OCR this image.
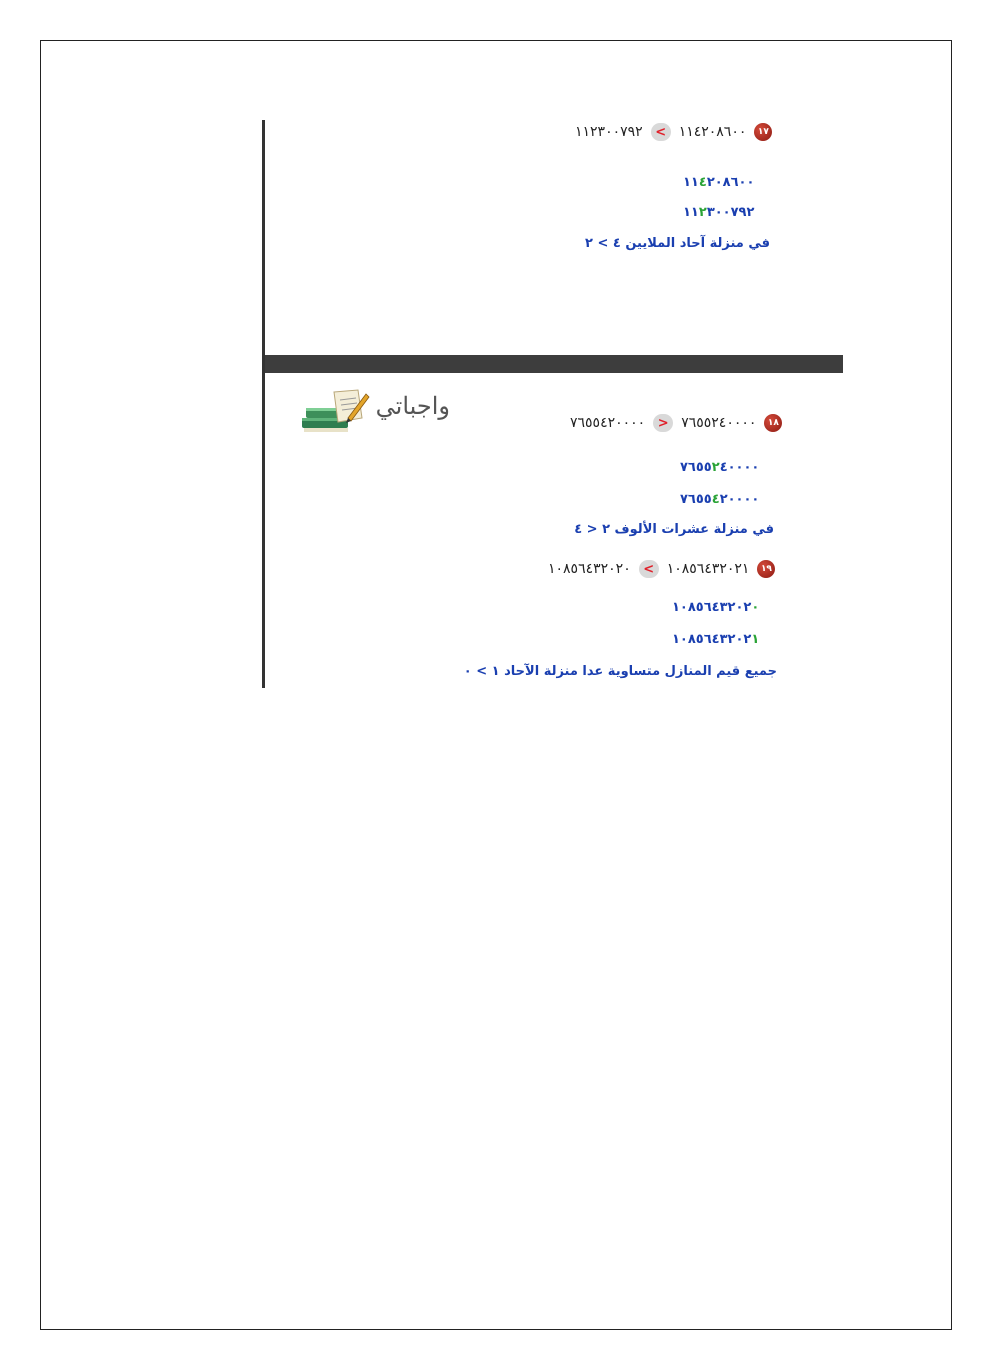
١١٢٣٠٠٧٩٢ < ١١٤٢٠٨٦٠٠	١٧
١١٤٢٠٨٦٠٠
١١٢٣٠٠٧٩٢
في منزلة آحاد الملايين ٤ > ٢
واجباتي
٧٦٥٥٤٢٠٠٠٠ > ٧٦٥٥٢٤٠٠٠٠	١٨
٧٦٥٥٢٤٠٠٠٠
٧٦٥٥٤٢٠٠٠٠
في منزلة عشرات الألوف ٢ < ٤
١٠٨٥٦٤٣٢٠٢٠ < ١٠٨٥٦٤٣٢٠٢١	١٩
١٠٨٥٦٤٣٢٠٢٠
١٠٨٥٦٤٣٢٠٢١
جميع قيم المنازل متساوية عدا منزلة الآحاد ١ > ٠
